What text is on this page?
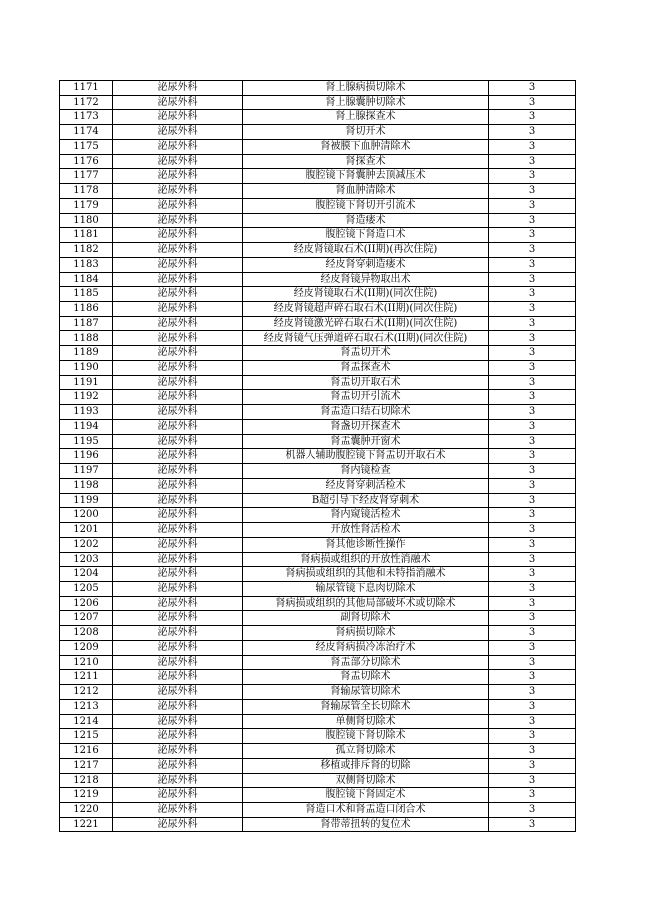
1171	泌尿外科	肾上腺病损切除术	3
1172	泌尿外科	肾上腺囊肿切除术	3
1173	泌尿外科	肾上腺探查术	3
1174	泌尿外科	肾切开术	3
1175	泌尿外科	肾被膜下血肿清除术	3
1176	泌尿外科	肾探查术	3
1177	泌尿外科	腹腔镜下肾囊肿去顶减压术	3
1178	泌尿外科	肾血肿清除术	3
1179	泌尿外科	腹腔镜下肾切开引流术	3
1180	泌尿外科	肾造瘘术	3
1181	泌尿外科	腹腔镜下肾造口术	3
1182	泌尿外科	经皮肾镜取石术(II期)(再次住院)	3
1183	泌尿外科	经皮肾穿刺造瘘术	3
1184	泌尿外科	经皮肾镜异物取出术	3
1185	泌尿外科	经皮肾镜取石术(II期)(同次住院)	3
1186	泌尿外科	经皮肾镜超声碎石取石术(II期)(同次住院)	3
1187	泌尿外科	经皮肾镜激光碎石取石术(II期)(同次住院)	3
1188	泌尿外科	经皮肾镜气压弹道碎石取石术(II期)(同次住院)	3
1189	泌尿外科	肾盂切开术	3
1190	泌尿外科	肾盂探查术	3
1191	泌尿外科	肾盂切开取石术	3
1192	泌尿外科	肾盂切开引流术	3
1193	泌尿外科	肾盂造口结石切除术	3
1194	泌尿外科	肾盏切开探查术	3
1195	泌尿外科	肾盂囊肿开窗术	3
1196	泌尿外科	机器人辅助腹腔镜下肾盂切开取石术	3
1197	泌尿外科	肾内镜检查	3
1198	泌尿外科	经皮肾穿刺活检术	3
1199	泌尿外科	B超引导下经皮肾穿刺术	3
1200	泌尿外科	肾内窥镜活检术	3
1201	泌尿外科	开放性肾活检术	3
1202	泌尿外科	肾其他诊断性操作	3
1203	泌尿外科	肾病损或组织的开放性消融术	3
1204	泌尿外科	肾病损或组织的其他和未特指消融术	3
1205	泌尿外科	输尿管镜下息肉切除术	3
1206	泌尿外科	肾病损或组织的其他局部破坏术或切除术	3
1207	泌尿外科	副肾切除术	3
1208	泌尿外科	肾病损切除术	3
1209	泌尿外科	经皮肾病损冷冻治疗术	3
1210	泌尿外科	肾盂部分切除术	3
1211	泌尿外科	肾盂切除术	3
1212	泌尿外科	肾输尿管切除术	3
1213	泌尿外科	肾输尿管全长切除术	3
1214	泌尿外科	单侧肾切除术	3
1215	泌尿外科	腹腔镜下肾切除术	3
1216	泌尿外科	孤立肾切除术	3
1217	泌尿外科	移植或排斥肾的切除	3
1218	泌尿外科	双侧肾切除术	3
1219	泌尿外科	腹腔镜下肾固定术	3
1220	泌尿外科	肾造口术和肾盂造口闭合术	3
1221	泌尿外科	肾带蒂扭转的复位术	3
